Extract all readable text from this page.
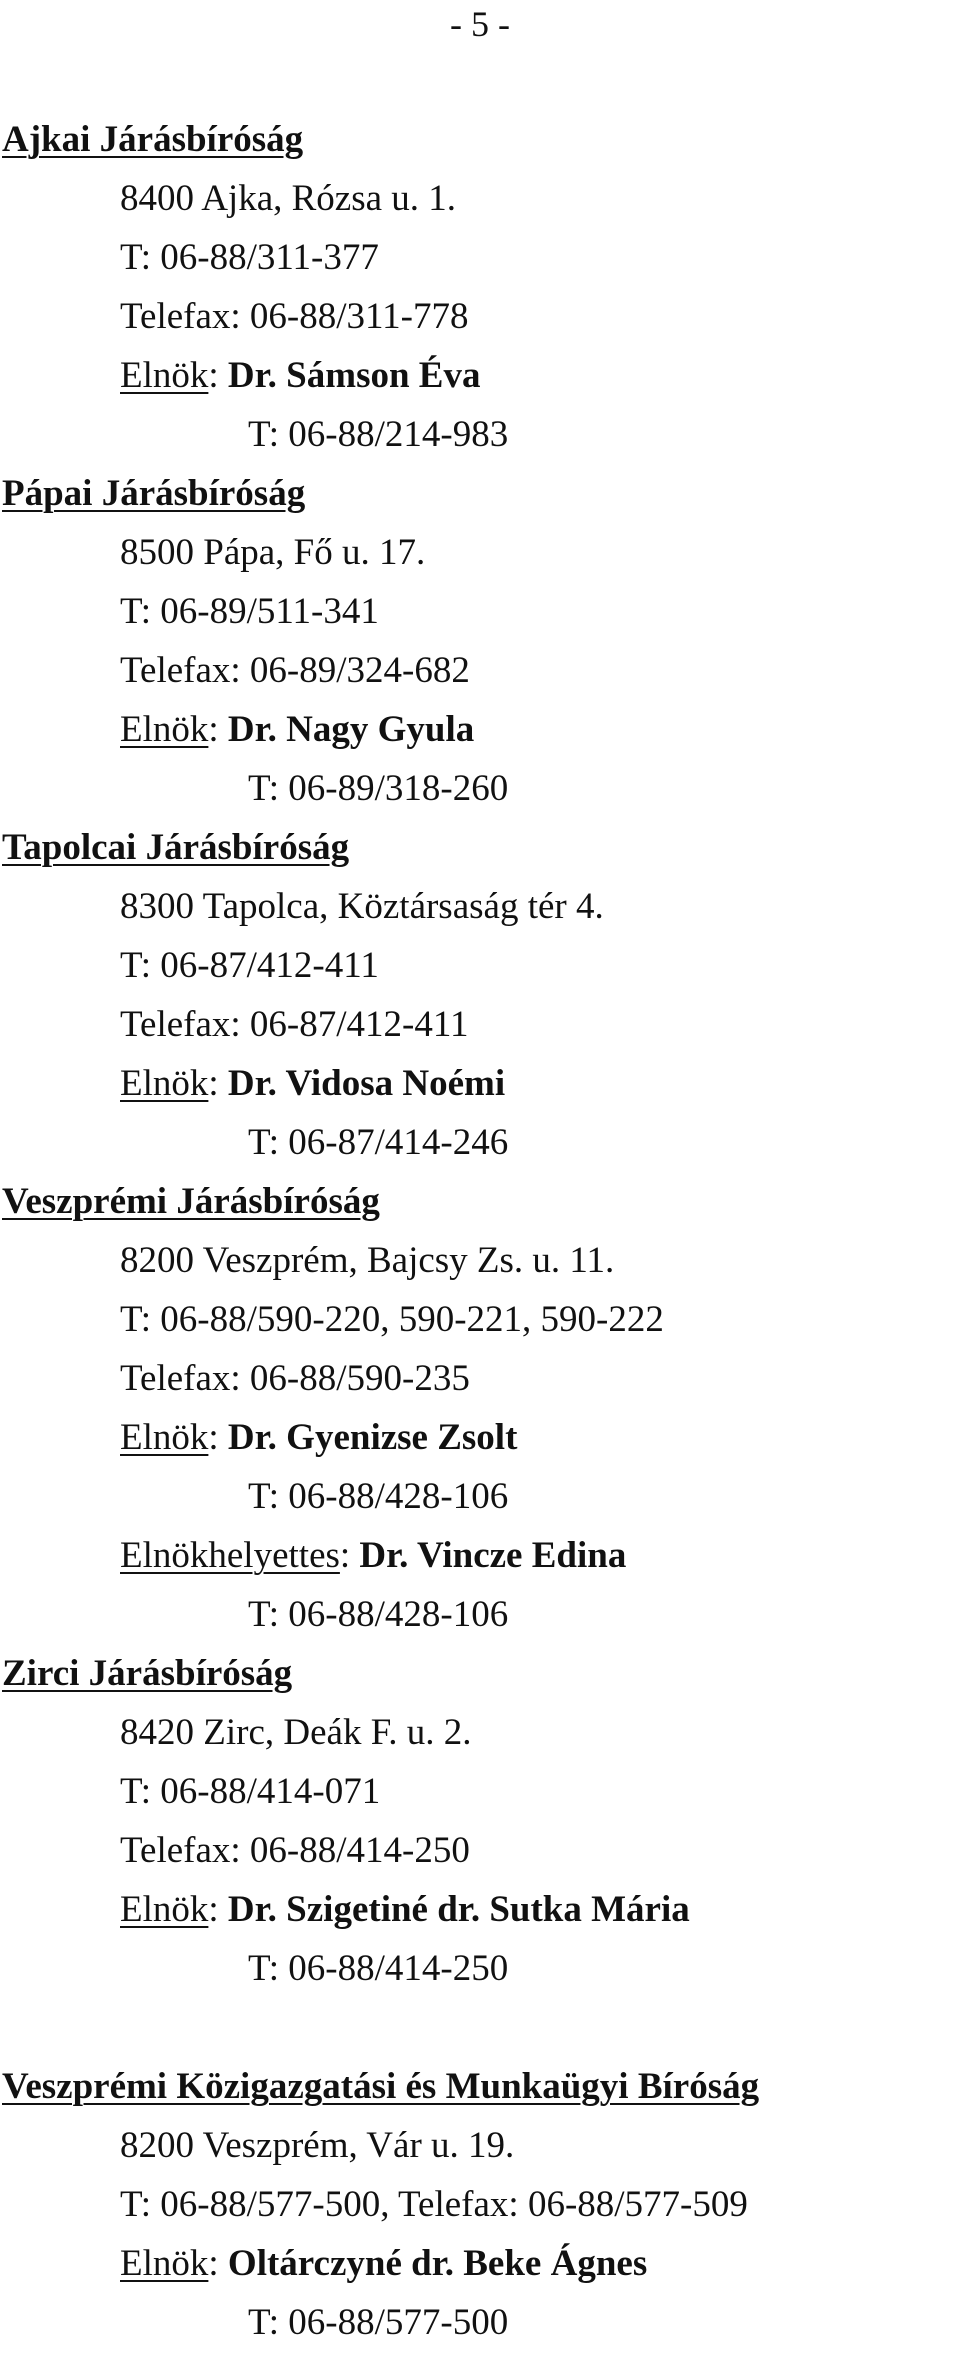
- 5 -
Ajkai Járásbíróság
8400 Ajka, Rózsa u. 1.
T: 06-88/311-377
Telefax: 06-88/311-778
Elnök: Dr. Sámson Éva
T: 06-88/214-983
Pápai Járásbíróság
8500 Pápa, Fő u. 17.
T: 06-89/511-341
Telefax: 06-89/324-682
Elnök: Dr. Nagy Gyula
T: 06-89/318-260
Tapolcai Járásbíróság
8300 Tapolca, Köztársaság tér 4.
T: 06-87/412-411
Telefax: 06-87/412-411
Elnök: Dr. Vidosa Noémi
T: 06-87/414-246
Veszprémi Járásbíróság
8200 Veszprém, Bajcsy Zs. u. 11.
T: 06-88/590-220, 590-221, 590-222
Telefax: 06-88/590-235
Elnök: Dr. Gyenizse Zsolt
T: 06-88/428-106
Elnökhelyettes: Dr. Vincze Edina
T: 06-88/428-106
Zirci Járásbíróság
8420 Zirc, Deák F. u. 2.
T: 06-88/414-071
Telefax: 06-88/414-250
Elnök: Dr. Szigetiné dr. Sutka Mária
T: 06-88/414-250
Veszprémi Közigazgatási és Munkaügyi Bíróság
8200 Veszprém, Vár u. 19.
T: 06-88/577-500, Telefax: 06-88/577-509
Elnök: Oltárczyné dr. Beke Ágnes
T: 06-88/577-500
